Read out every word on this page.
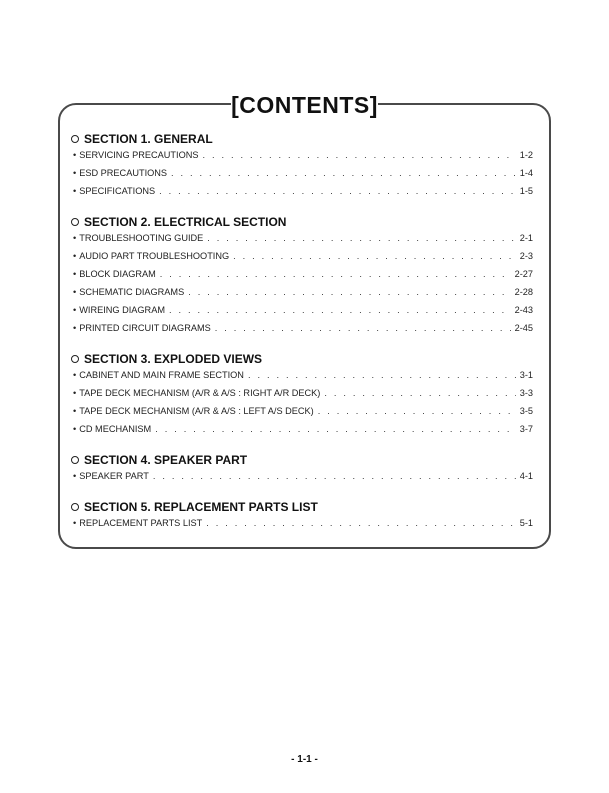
[CONTENTS]
SECTION 1. GENERAL
• SERVICING PRECAUTIONS . . .	1-2
• ESD PRECAUTIONS . . .	1-4
• SPECIFICATIONS . . .	1-5
SECTION 2. ELECTRICAL SECTION
• TROUBLESHOOTING GUIDE . . .	2-1
• AUDIO PART TROUBLESHOOTING . . .	2-3
• BLOCK DIAGRAM . . .	2-27
• SCHEMATIC DIAGRAMS . . .	2-28
• WIREING DIAGRAM . . .	2-43
• PRINTED CIRCUIT DIAGRAMS . . .	2-45
SECTION 3. EXPLODED VIEWS
• CABINET AND MAIN FRAME SECTION . . .	3-1
• TAPE DECK MECHANISM (A/R & A/S : RIGHT A/R DECK) . . .	3-3
• TAPE DECK MECHANISM (A/R & A/S : LEFT A/S DECK) . . .	3-5
• CD MECHANISM . . .	3-7
SECTION 4. SPEAKER PART
• SPEAKER PART . . .	4-1
SECTION 5. REPLACEMENT PARTS LIST
• REPLACEMENT PARTS LIST . . .	5-1
- 1-1 -
